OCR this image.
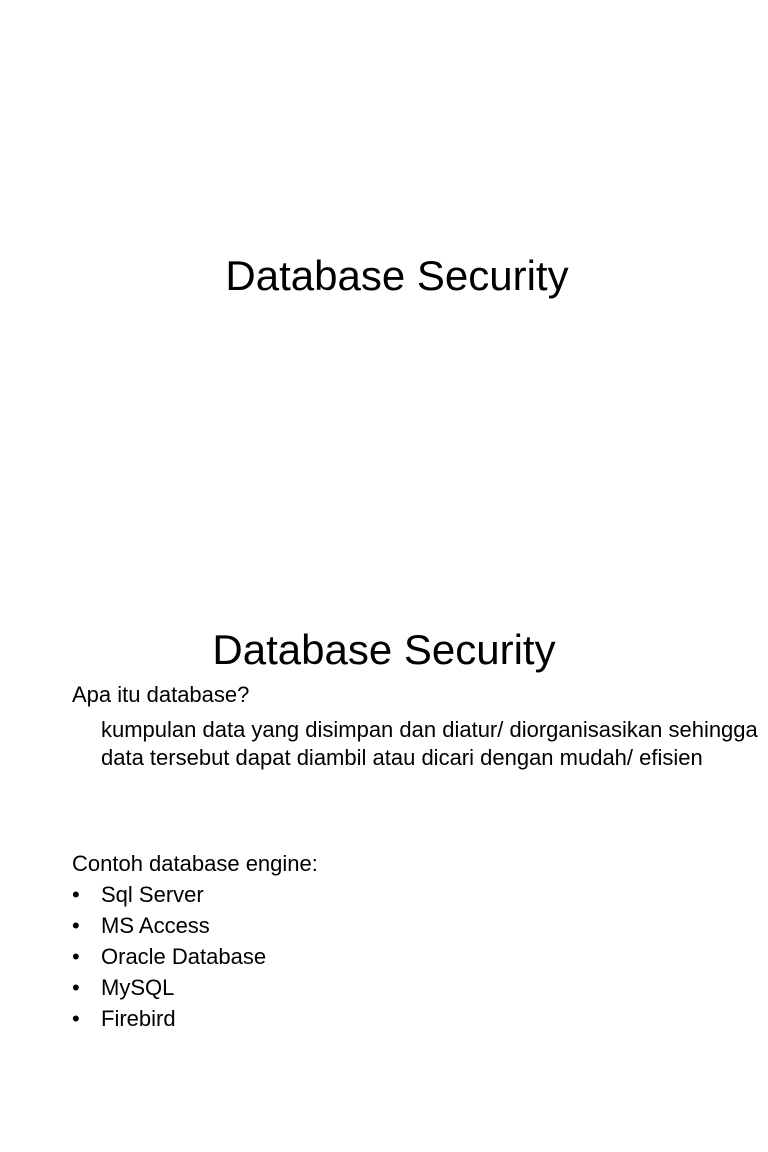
Database Security
Database Security
Apa itu database?

kumpulan data yang disimpan dan diatur/ diorganisasikan sehingga data tersebut dapat diambil atau dicari dengan mudah/ efisien

Contoh database engine:
• Sql Server
• MS Access
• Oracle Database
• MySQL
• Firebird
